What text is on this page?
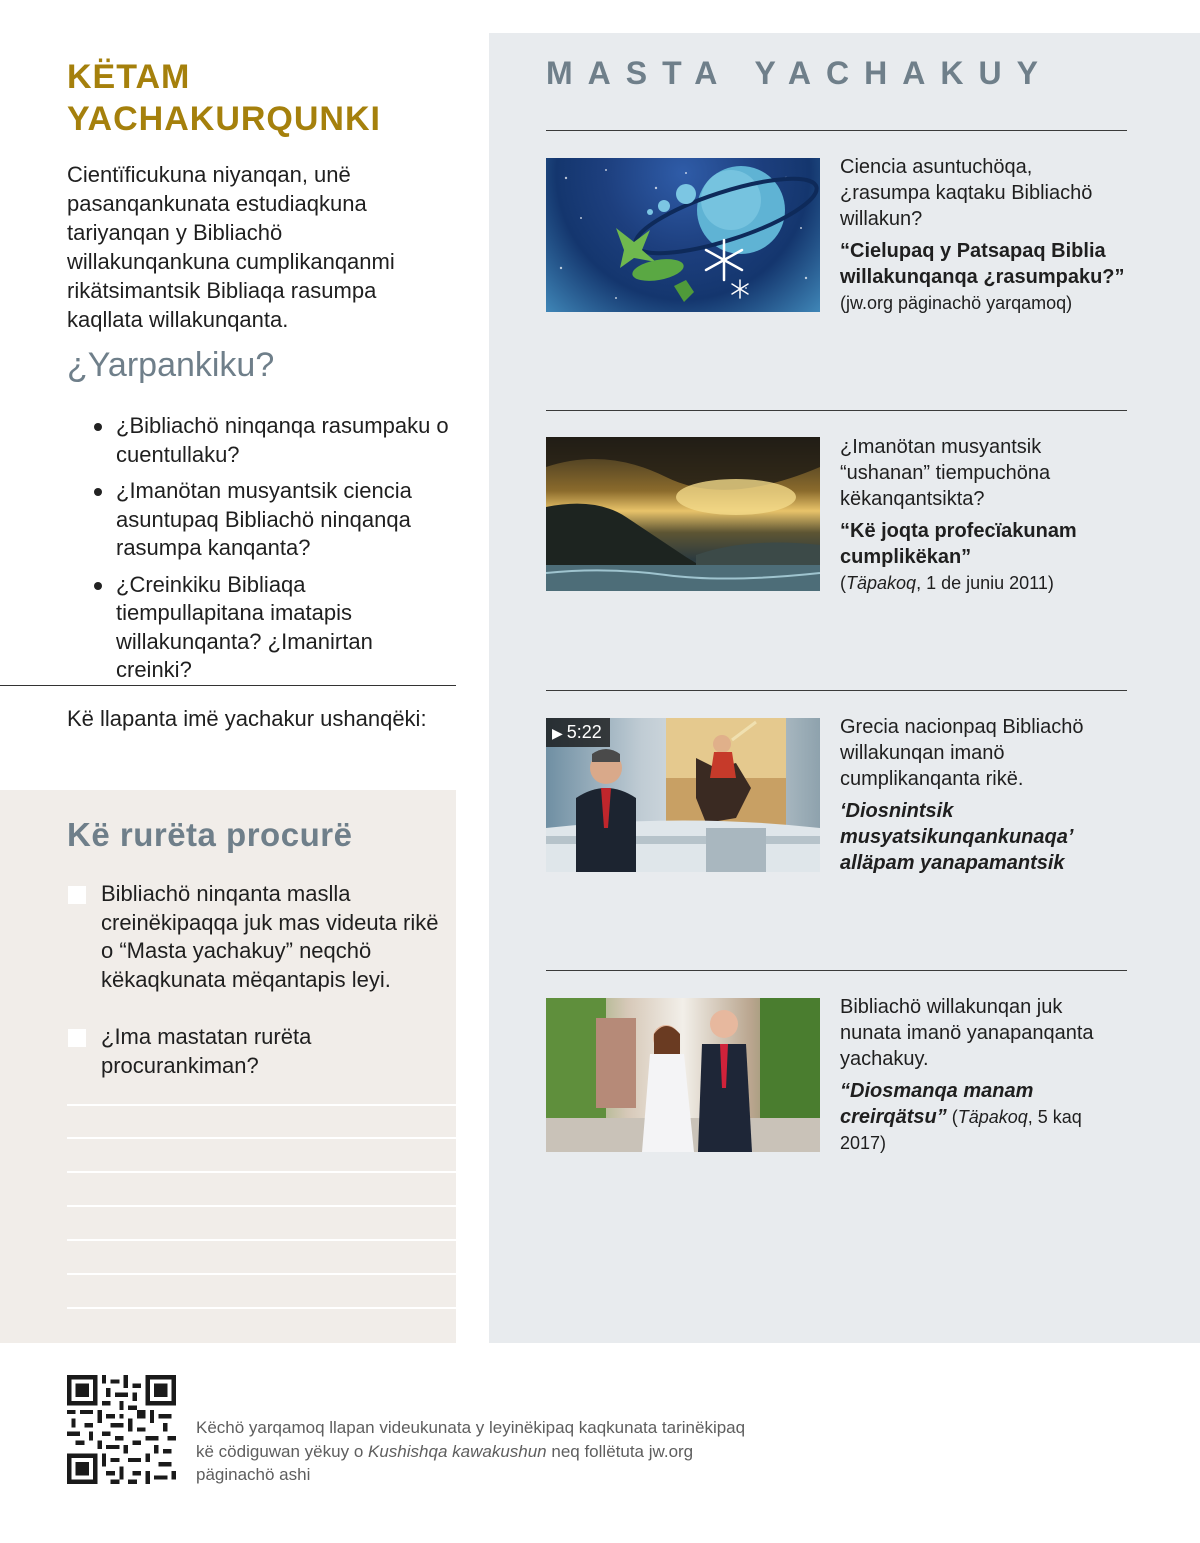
KËTAM
YACHAKURQUNKI

Cientïficukuna niyanqan, unë pasanqankunata estudiaqkuna tariyanqan y Bibliachö willakunqankuna cumplikanqanmi rikätsimantsik Bibliaqa rasumpa kaqllata willakunqanta.

¿Yarpankiku?
¿Bibliachö ninqanqa rasumpaku o cuentullaku?
¿Imanötan musyantsik ciencia asuntupaq Bibliachö ninqanqa rasumpa kanqanta?
¿Creinkiku Bibliaqa tiempullapitana imatapis willakunqanta? ¿Imanirtan creinki?

Kë llapanta imë yachakur ushanqëki:

Kë rurëta procurë

Bibliachö ninqanta maslla creinëkipaqqa juk mas videuta rikë o “Masta yachakuy” neqchö këkaqkunata mëqantapis leyi.

¿Ima mastatan rurëta procurankiman?

MASTA YACHAKUY

Ciencia asuntuchöqa, ¿rasumpa kaqtaku Bibliachö willakun?

“Cielupaq y Patsapaq Biblia willakunqanqa ¿rasumpaku?” (jw.org päginachö yarqamoq)

¿Imanötan musyantsik “ushanan” tiempuchöna këkanqantsikta?

“Kë joqta profecïakunam cumplikëkan”
(Täpakoq, 1 de juniu 2011)

▶ 5:22	Grecia nacionpaq Bibliachö willakunqan imanö cumplikanqanta rikë.

‘Diosnintsik musyatsikunqankunaqa’ alläpam yanapamantsik

Bibliachö willakunqan juk nunata imanö yanapanqanta yachakuy.

“Diosmanqa manam creirqätsu” (Täpakoq, 5 kaq 2017)

Këchö yarqamoq llapan videukunata y leyinëkipaq kaqkunata tarinëkipaq kë cödiguwan yëkuy o Kushishqa kawakushun neq follëtuta jw.org päginachö ashi
